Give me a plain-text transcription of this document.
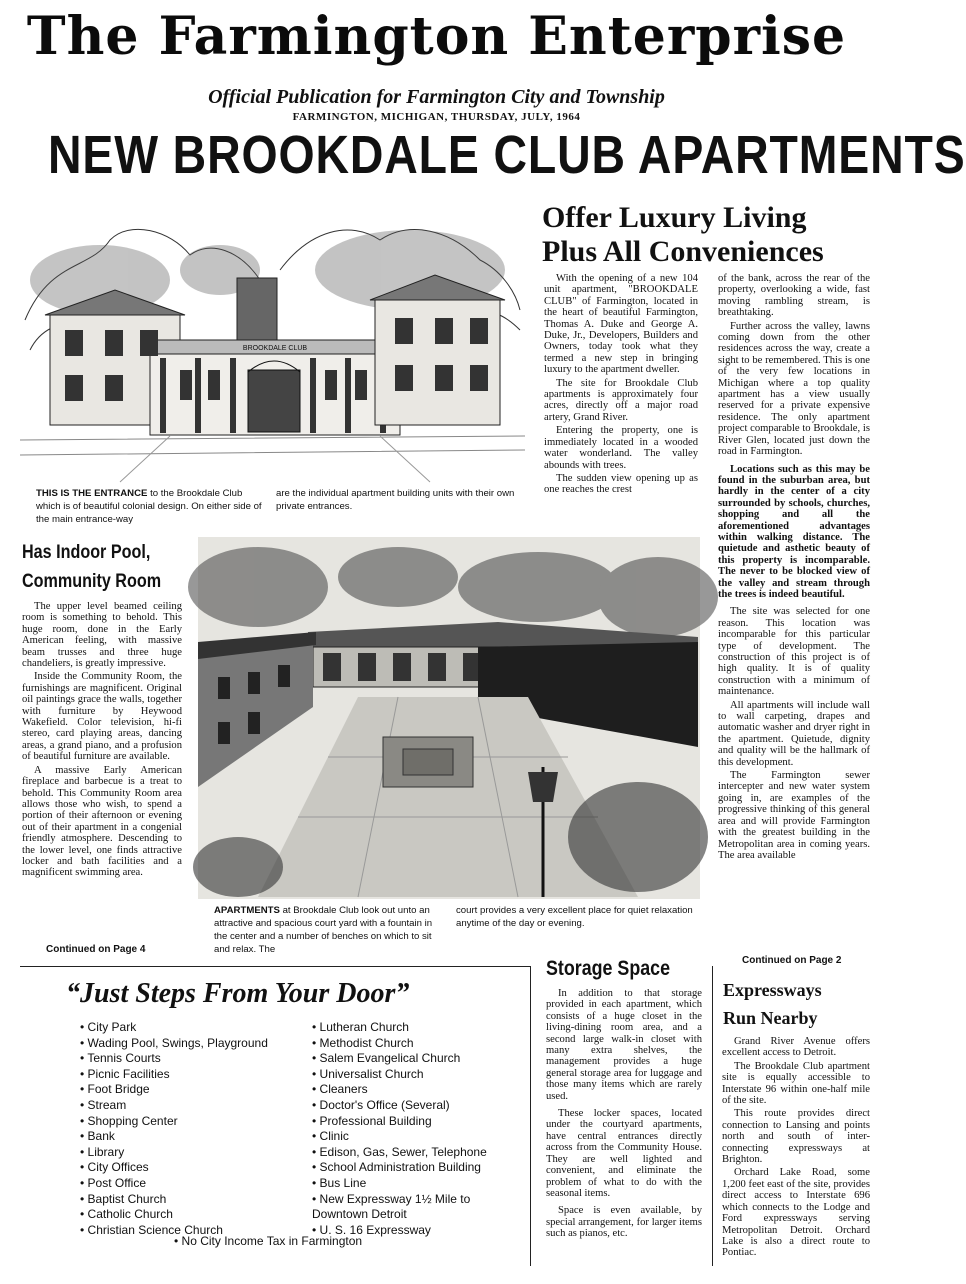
The Farmington Enterprise
Official Publication for Farmington City and Township
FARMINGTON, MICHIGAN, THURSDAY, JULY, 1964
NEW BROOKDALE CLUB APARTMENTS
BROOKDALE CLUB
THIS IS THE ENTRANCE to the Brookdale Club which is of beautiful colonial design. On either side of the main entrance-way
are the individual apartment building units with their own private entrances.
Offer Luxury Living
Plus All Conveniences

With the opening of a new 104 unit apartment, "BROOKDALE CLUB" of Farmington, located in the heart of beautiful Farmington, Thomas A. Duke and George A. Duke, Jr., Developers, Builders and Owners, today took what they termed a new step in bringing luxury to the apartment dweller.

The site for Brookdale Club apartments is approximately four acres, directly off a major road artery, Grand River.

Entering the property, one is immediately located in a wooded water wonderland. The valley abounds with trees.

The sudden view opening up as one reaches the crest

of the bank, across the rear of the property, overlooking a wide, fast moving rambling stream, is breathtaking.

Further across the valley, lawns coming down from the other residences across the way, create a sight to be remembered. This is one of the very few locations in Michigan where a top quality apartment has a view usually reserved for a private expensive residence. The only apartment project comparable to Brookdale, is River Glen, located just down the road in Farmington.

Locations such as this may be found in the suburban area, but hardly in the center of a city surrounded by schools, churches, shopping and all the aforementioned advantages within walking distance. The quietude and asthetic beauty of this property is incomparable. The never to be blocked view of the valley and stream through the trees is indeed beautiful.

The site was selected for one reason. This location was incomparable for this particular type of development. The construction of this project is of high quality. It is of quality construction with a minimum of maintenance.

All apartments will include wall to wall carpeting, drapes and automatic washer and dryer right in the apartment. Quietude, dignity and quality will be the hallmark of this development.

The Farmington sewer intercepter and new water system going in, are examples of the progressive thinking of this general area and will provide Farmington with the greatest building in the Metropolitan area in coming years. The area available

Continued on Page 2
Has Indoor Pool,
Community Room

The upper level beamed ceiling room is something to behold. This huge room, done in the Early American feeling, with massive beam trusses and three huge chandeliers, is greatly impressive.

Inside the Community Room, the furnishings are magnificent. Original oil paintings grace the walls, together with furniture by Heywood Wakefield. Color television, hi-fi stereo, card playing areas, dancing areas, a grand piano, and a profusion of beautiful furniture are available.

A massive Early American fireplace and barbecue is a treat to behold. This Community Room area allows those who wish, to spend a portion of their afternoon or evening out of their apartment in a congenial friendly atmosphere. Descending to the lower level, one finds attractive locker and bath facilities and a magnificent swimming area.

Continued on Page 4
APARTMENTS at Brookdale Club look out unto an attractive and spacious court yard with a fountain in the center and a number of benches on which to sit and relax. The
court provides a very excellent place for quiet relaxation anytime of the day or evening.
“Just Steps From Your Door”
• City Park
• Wading Pool, Swings, Playground
• Tennis Courts
• Picnic Facilities
• Foot Bridge
• Stream
• Shopping Center
• Bank
• Library
• City Offices
• Post Office
• Baptist Church
• Catholic Church
• Christian Science Church
• Lutheran Church
• Methodist Church
• Salem Evangelical Church
• Universalist Church
• Cleaners
• Doctor's Office (Several)
• Professional Building
• Clinic
• Edison, Gas, Sewer, Telephone
• School Administration Building
• Bus Line
• New Expressway 1½ Mile to Downtown Detroit
• U. S. 16 Expressway
• No City Income Tax in Farmington
Storage Space

In addition to that storage provided in each apartment, which consists of a huge closet in the living-dining room area, and a second large walk-in closet with many extra shelves, the management provides a huge general storage area for luggage and those many items which are rarely used.

These locker spaces, located under the courtyard apartments, have central entrances directly across from the Community House. They are well lighted and convenient, and eliminate the problem of what to do with the seasonal items.

Space is even available, by special arrangement, for larger items such as pianos, etc.

Expressways
Run Nearby

Grand River Avenue offers excellent access to Detroit.

The Brookdale Club apartment site is equally accessible to Interstate 96 within one-half mile of the site.

This route provides direct connection to Lansing and points north and south of inter-connecting expressways at Brighton.

Orchard Lake Road, some 1,200 feet east of the site, provides direct access to Interstate 696 which connects to the Lodge and Ford expressways serving Metropolitan Detroit. Orchard Lake is also a direct route to Pontiac.
